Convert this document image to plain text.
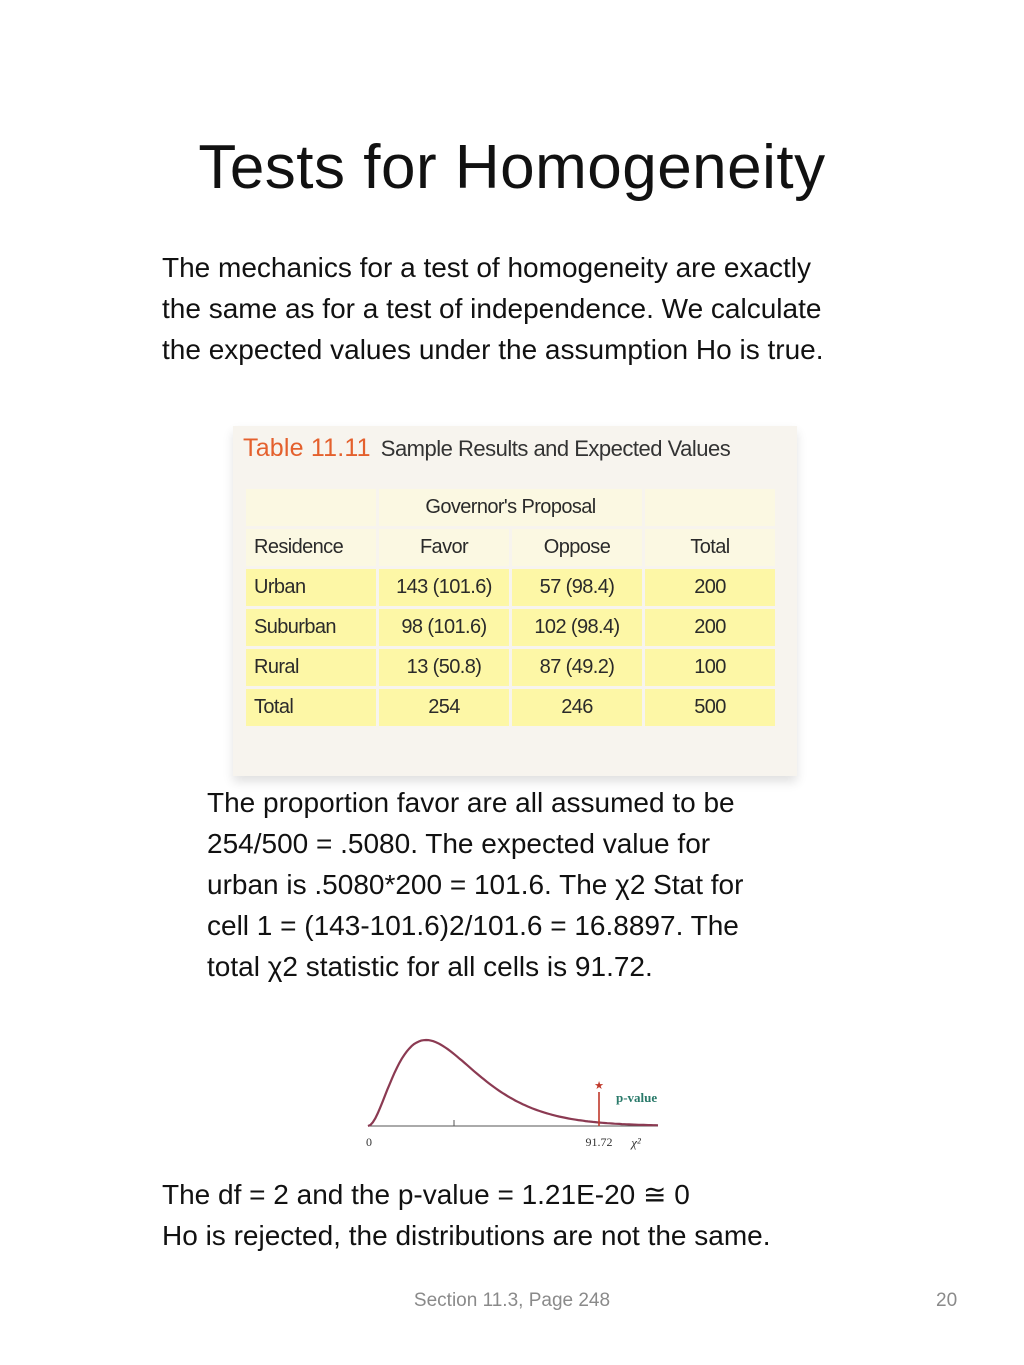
Tests for Homogeneity
The mechanics for a test of homogeneity are exactly
the same as for a test of independence. We calculate
the expected values under the assumption Ho is true.
Table 11.11 Sample Results and Expected Values
	Governor's Proposal		
Residence	Favor	Oppose	Total
Urban	143 (101.6)	57 (98.4)	200
Suburban	98 (101.6)	102 (98.4)	200
Rural	13 (50.8)	87 (49.2)	100
Total	254	246	500
The proportion favor are all assumed to be
254/500 = .5080. The expected value for
urban is .5080*200 = 101.6. The χ2 Stat for
cell 1 = (143-101.6)2/101.6 = 16.8897. The
total χ2 statistic for all cells is 91.72.
★
p-value
0	91.72 χ²
The df = 2 and the p-value = 1.21E-20 ≅ 0
Ho is rejected, the distributions are not the same.
Section 11.3, Page 248	20
